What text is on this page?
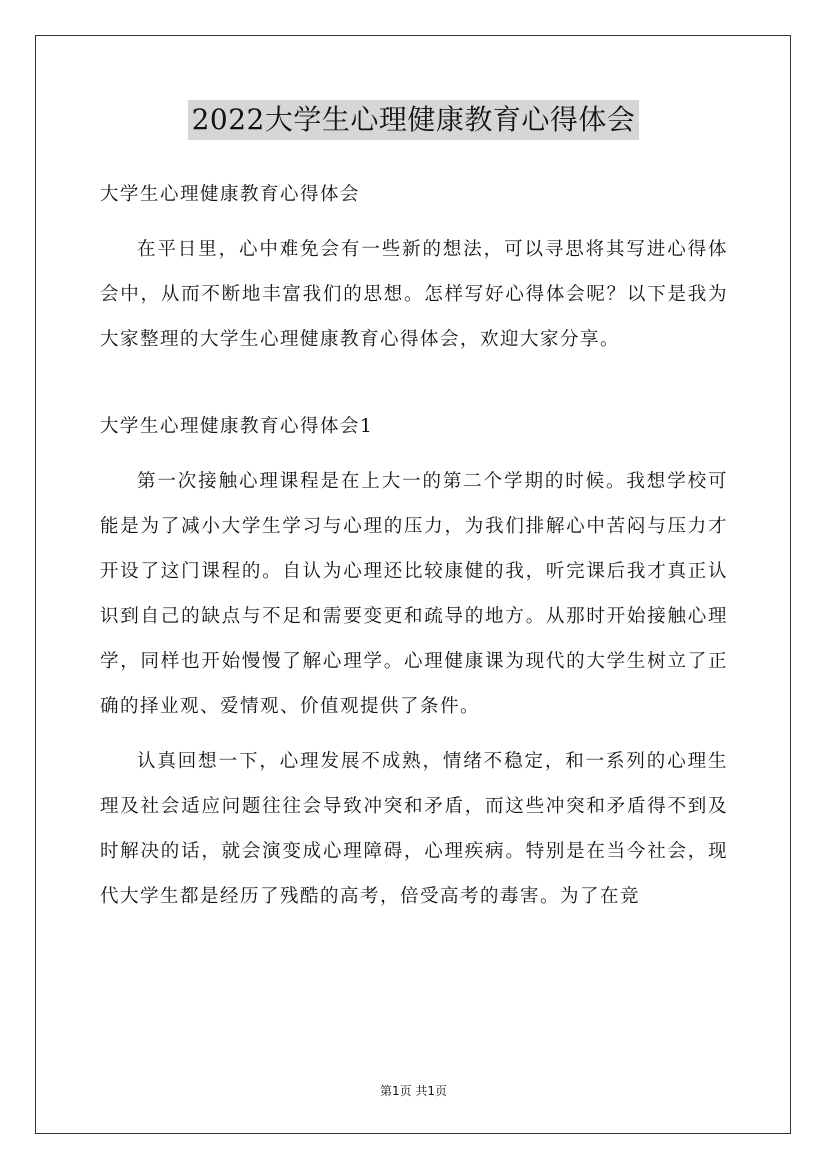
2022大学生心理健康教育心得体会

大学生心理健康教育心得体会

在平日里，心中难免会有一些新的想法，可以寻思将其写进心得体会中，从而不断地丰富我们的思想。怎样写好心得体会呢？以下是我为大家整理的大学生心理健康教育心得体会，欢迎大家分享。

大学生心理健康教育心得体会1

第一次接触心理课程是在上大一的第二个学期的时候。我想学校可能是为了减小大学生学习与心理的压力，为我们排解心中苦闷与压力才开设了这门课程的。自认为心理还比较康健的我，听完课后我才真正认识到自己的缺点与不足和需要变更和疏导的地方。从那时开始接触心理学，同样也开始慢慢了解心理学。心理健康课为现代的大学生树立了正确的择业观、爱情观、价值观提供了条件。

认真回想一下，心理发展不成熟，情绪不稳定，和一系列的心理生理及社会适应问题往往会导致冲突和矛盾，而这些冲突和矛盾得不到及时解决的话，就会演变成心理障碍，心理疾病。特别是在当今社会，现代大学生都是经历了残酷的高考，倍受高考的毒害。为了在竞

第1页 共1页
